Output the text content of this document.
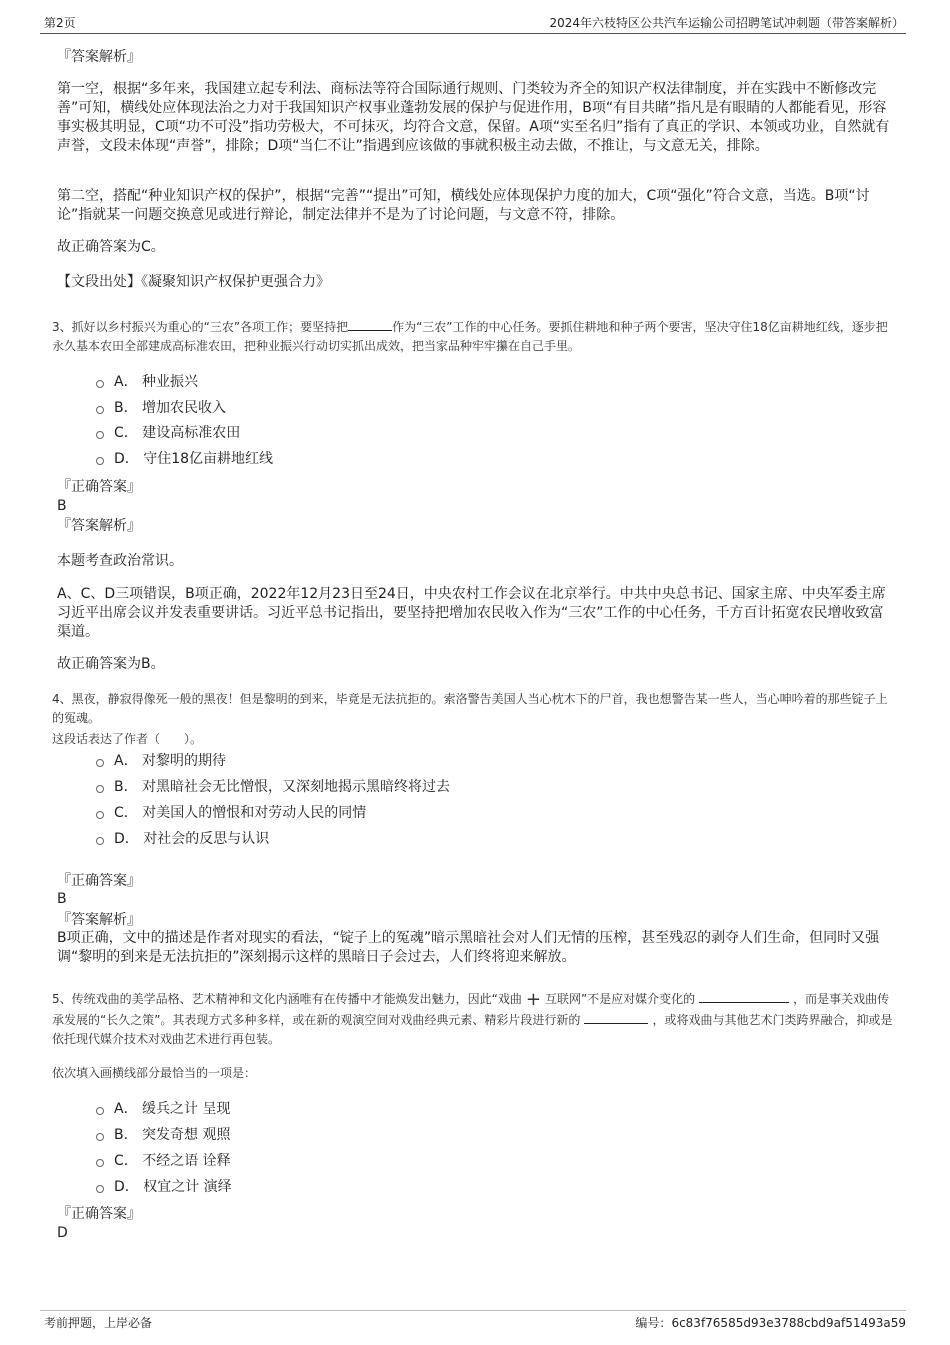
第2页	2024年六枝特区公共汽车运输公司招聘笔试冲刺题（带答案解析）
『答案解析』

第一空，根据“多年来，我国建立起专利法、商标法等符合国际通行规则、门类较为齐全的知识产权法律制度，并在实践中不断修改完善”可知，横线处应体现法治之力对于我国知识产权事业蓬勃发展的保护与促进作用，B项“有目共睹”指凡是有眼睛的人都能看见，形容事实极其明显，C项“功不可没”指功劳极大，不可抹灭，均符合文意，保留。A项“实至名归”指有了真正的学识、本领或功业，自然就有声誉，文段未体现“声誉”，排除；D项“当仁不让”指遇到应该做的事就积极主动去做，不推让，与文意无关，排除。

第二空，搭配“种业知识产权的保护”，根据“完善”“提出”可知，横线处应体现保护力度的加大，C项“强化”符合文意，当选。B项“讨论”指就某一问题交换意见或进行辩论，制定法律并不是为了讨论问题，与文意不符，排除。

故正确答案为C。
【文段出处】《凝聚知识产权保护更强合力》

3、抓好以乡村振兴为重心的“三农”各项工作；要坚持把	作为“三农”工作的中心任务。要抓住耕地和种子两个要害，坚决守住18亿亩耕地红线，逐步把永久基本农田全部建成高标准农田，把种业振兴行动切实抓出成效，把当家品种牢牢攥在自己手里。

A． 种业振兴
B． 增加农民收入
C． 建设高标准农田
D． 守住18亿亩耕地红线
『正确答案』
B
『答案解析』
本题考查政治常识。

A、C、D三项错误，B项正确，2022年12月23日至24日，中央农村工作会议在北京举行。中共中央总书记、国家主席、中央军委主席习近平出席会议并发表重要讲话。习近平总书记指出，要坚持把增加农民收入作为“三农”工作的中心任务，千方百计拓宽农民增收致富渠道。

故正确答案为B。

4、黑夜，静寂得像死一般的黑夜！但是黎明的到来，毕竟是无法抗拒的。索洛警告美国人当心枕木下的尸首，我也想警告某一些人，当心呻吟着的那些锭子上的冤魂。

这段话表达了作者（　　）。

A． 对黎明的期待
B． 对黑暗社会无比憎恨，又深刻地揭示黑暗终将过去
C． 对美国人的憎恨和对劳动人民的同情
D． 对社会的反思与认识
『正确答案』
B
『答案解析』

B项正确，文中的描述是作者对现实的看法，“锭子上的冤魂”暗示黑暗社会对人们无情的压榨，甚至残忍的剥夺人们生命，但同时又强调“黎明的到来是无法抗拒的”深刻揭示这样的黑暗日子会过去，人们终将迎来解放。

5、传统戏曲的美学品格、艺术精神和文化内涵唯有在传播中才能焕发出魅力，因此“戏曲 + 互联网”不是应对媒介变化的	，而是事关戏曲传承发展的“长久之策”。其表现方式多种多样，或在新的观演空间对戏曲经典元素、精彩片段进行新的	，或将戏曲与其他艺术门类跨界融合，抑或是依托现代媒介技术对戏曲艺术进行再包装。

依次填入画横线部分最恰当的一项是：

A． 缓兵之计 呈现
B． 突发奇想 观照
C． 不经之语 诠释
D． 权宜之计 演绎
『正确答案』
D
考前押题，上岸必备	编号：6c83f76585d93e3788cbd9af51493a59
